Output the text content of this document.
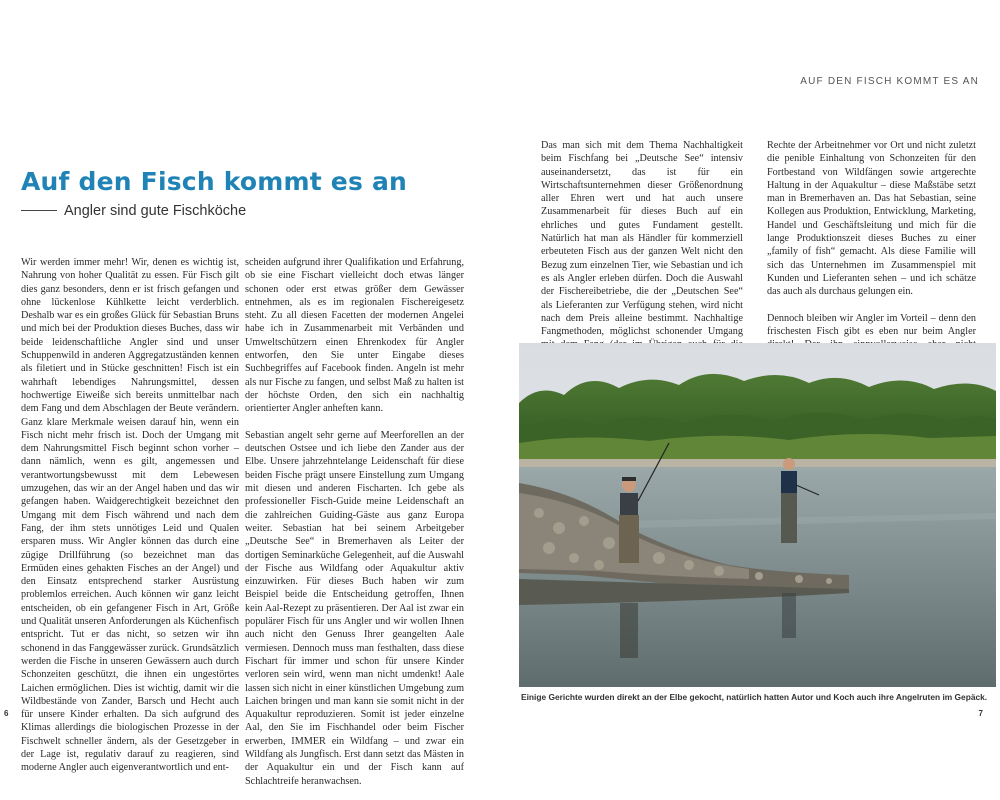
AUF DEN FISCH KOMMT ES AN
Auf den Fisch kommt es an
Angler sind gute Fischköche

Wir werden immer mehr! Wir, denen es wichtig ist, Nahrung von hoher Qualität zu essen. Für Fisch gilt dies ganz besonders, denn er ist frisch gefangen und ohne lückenlose Kühlkette leicht verderblich. Deshalb war es ein großes Glück für Sebastian Bruns und mich bei der Produktion dieses Buches, dass wir beide leidenschaftliche Angler sind und unser Schuppenwild in anderen Aggregatzuständen kennen als filetiert und in Stücke geschnitten! Fisch ist ein wahrhaft lebendiges Nahrungsmittel, dessen hochwertige Eiweiße sich bereits unmittelbar nach dem Fang und dem Abschlagen der Beute verändern. Ganz klare Merkmale weisen darauf hin, wenn ein Fisch nicht mehr frisch ist. Doch der Umgang mit dem Nahrungsmittel Fisch beginnt schon vorher – dann nämlich, wenn es gilt, angemessen und verantwortungsbewusst mit dem Lebewesen umzugehen, das wir an der Angel haben und das wir gefangen haben. Waidgerechtigkeit bezeichnet den Umgang mit dem Fisch während und nach dem Fang, der ihm stets unnötiges Leid und Qualen ersparen muss. Wir Angler können das durch eine zügige Drillführung (so bezeichnet man das Ermüden eines gehakten Fisches an der Angel) und den Einsatz entsprechend starker Ausrüstung problemlos erreichen. Auch können wir ganz leicht entscheiden, ob ein gefangener Fisch in Art, Größe und Qualität unseren Anforderungen als Küchenfisch entspricht. Tut er das nicht, so setzen wir ihn schonend in das Fanggewässer zurück. Grundsätzlich werden die Fische in unseren Gewässern auch durch Schonzeiten geschützt, die ihnen ein ungestörtes Laichen ermöglichen. Dies ist wichtig, damit wir die Wildbestände von Zander, Barsch und Hecht auch für unsere Kinder erhalten. Da sich aufgrund des Klimas allerdings die biologischen Prozesse in der Fischwelt schneller ändern, als der Gesetzgeber in der Lage ist, regulativ darauf zu reagieren, sind moderne Angler auch eigenverantwortlich und ent-

scheiden aufgrund ihrer Qualifikation und Erfahrung, ob sie eine Fischart vielleicht doch etwas länger schonen oder erst etwas größer dem Gewässer entnehmen, als es im regionalen Fischereigesetz steht. Zu all diesen Facetten der modernen Angelei habe ich in Zusammenarbeit mit Verbänden und Umweltschützern einen Ehrenkodex für Angler entworfen, den Sie unter Eingabe dieses Suchbegriffes auf Facebook finden. Angeln ist mehr als nur Fische zu fangen, und selbst Maß zu halten ist der höchste Orden, den sich ein nachhaltig orientierter Angler anheften kann.

Sebastian angelt sehr gerne auf Meerforellen an der deutschen Ostsee und ich liebe den Zander aus der Elbe. Unsere jahrzehntelange Leidenschaft für diese beiden Fische prägt unsere Einstellung zum Umgang mit diesen und anderen Fischarten. Ich gebe als professioneller Fisch-Guide meine Leidenschaft an die zahlreichen Guiding-Gäste aus ganz Europa weiter. Sebastian hat bei seinem Arbeitgeber „Deutsche See“ in Bremerhaven als Leiter der dortigen Seminarküche Gelegenheit, auf die Auswahl der Fische aus Wildfang oder Aquakultur aktiv einzuwirken. Für dieses Buch haben wir zum Beispiel beide die Entscheidung getroffen, Ihnen kein Aal-Rezept zu präsentieren. Der Aal ist zwar ein populärer Fisch für uns Angler und wir wollen Ihnen auch nicht den Genuss Ihrer geangelten Aale vermiesen. Dennoch muss man festhalten, dass diese Fischart für immer und schon für unsere Kinder verloren sein wird, wenn man nicht umdenkt! Aale lassen sich nicht in einer künstlichen Umgebung zum Laichen bringen und man kann sie somit nicht in der Aquakultur reproduzieren. Somit ist jeder einzelne Aal, den Sie im Fischhandel oder beim Fischer erwerben, IMMER ein Wildfang – und zwar ein Wildfang als Jungfisch. Erst dann setzt das Mästen in der Aquakultur ein und der Fisch kann auf Schlachtreife heranwachsen.

Das man sich mit dem Thema Nachhaltigkeit beim Fischfang bei „Deutsche See“ intensiv auseinandersetzt, das ist für ein Wirtschaftsunternehmen dieser Größenordnung aller Ehren wert und hat auch unsere Zusammenarbeit für dieses Buch auf ein ehrliches und gutes Fundament gestellt. Natürlich hat man als Händler für kommerziell erbeuteten Fisch aus der ganzen Welt nicht den Bezug zum einzelnen Tier, wie Sebastian und ich es als Angler erleben dürfen. Doch die Auswahl der Fischereibetriebe, die der „Deutschen See“ als Lieferanten zur Verfügung stehen, wird nicht nach dem Preis alleine bestimmt. Nachhaltige Fangmethoden, möglichst schonender Umgang

Rechte der Arbeitnehmer vor Ort und nicht zuletzt die penible Einhaltung von Schonzeiten für den Fortbestand von Wildfängen sowie artgerechte Haltung in der Aquakultur – diese Maßstäbe setzt man in Bremerhaven an. Das hat Sebastian, seine Kollegen aus Produktion, Entwicklung, Marketing, Handel und Geschäftsleitung und mich für die lange Produktionszeit dieses Buches zu einer „family of fish“ gemacht. Als diese Familie will sich das Unternehmen im Zusammenspiel mit Kunden und Lieferanten sehen – und ich schätze das auch als durchaus gelungen ein.

Dennoch bleiben wir Angler im Vorteil – denn den frischesten Fisch gibt es eben nur beim Angler

Einige Gerichte wurden direkt an der Elbe gekocht, natürlich hatten Autor und Koch auch ihre Angelruten im Gepäck.
6	7
